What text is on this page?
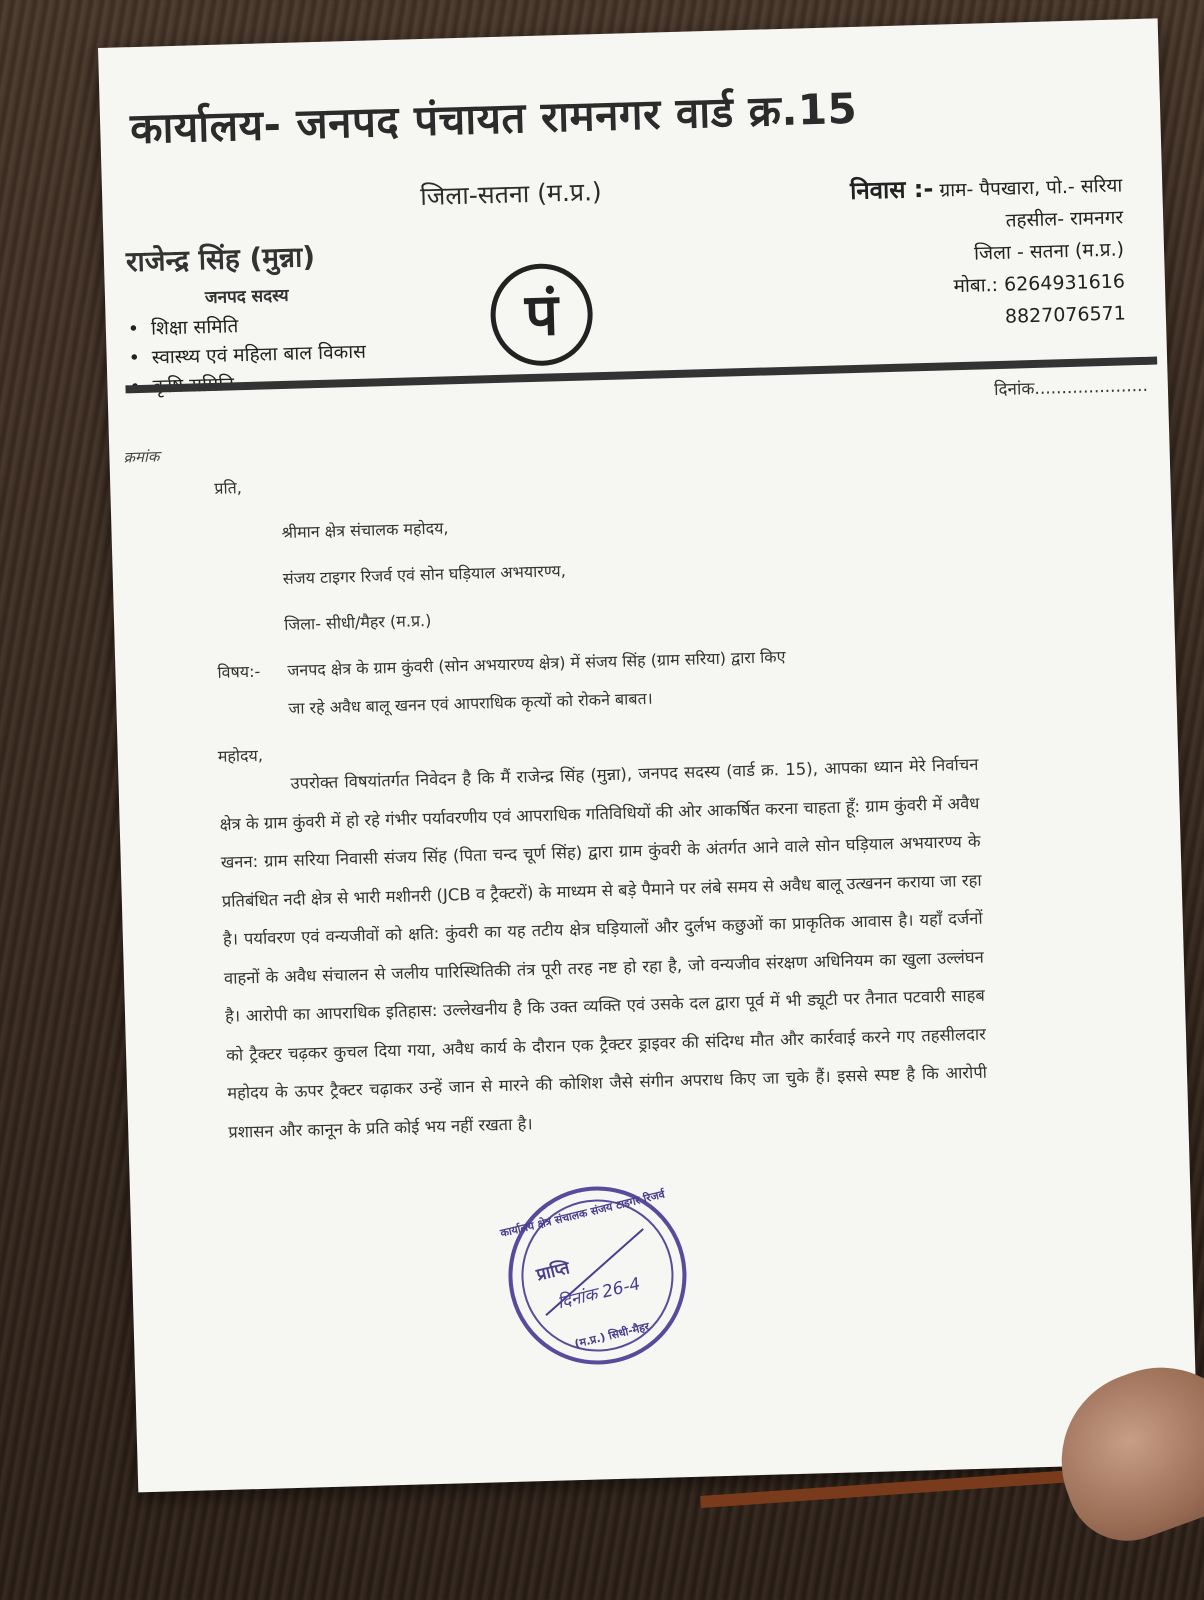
कार्यालय- जनपद पंचायत रामनगर वार्ड क्र.15
जिला-सतना (म.प्र.)
राजेन्द्र सिंह (मुन्ना)
जनपद सदस्य
• शिक्षा समिति
• स्वास्थ्य एवं महिला बाल विकास
•
पं
निवास :- ग्राम- पैपखारा, पो.- सरिया
तहसील- रामनगर
जिला - सतना (म.प्र.)
मोबा.: 6264931616
8827076571
दिनांक.....................
क्रमांक
प्रति,
श्रीमान क्षेत्र संचालक महोदय,
संजय टाइगर रिजर्व एवं सोन घड़ियाल अभयारण्य,
जिला- सीधी/मैहर (म.प्र.)
विषय:- जनपद क्षेत्र के ग्राम कुंवरी (सोन अभयारण्य क्षेत्र) में संजय सिंह (ग्राम सरिया) द्वारा किए
जा रहे अवैध बालू खनन एवं आपराधिक कृत्यों को रोकने बाबत।
महोदय,	उपरोक्त विषयांतर्गत निवेदन है कि मैं राजेन्द्र सिंह (मुन्ना), जनपद सदस्य (वार्ड क्र. 15), आपका ध्यान मेरे निर्वाचन क्षेत्र के ग्राम कुंवरी में हो रहे गंभीर पर्यावरणीय एवं आपराधिक गतिविधियों की ओर आकर्षित करना चाहता हूँ: ग्राम कुंवरी में अवैध खनन: ग्राम सरिया निवासी संजय सिंह (पिता चन्द चूर्ण सिंह) द्वारा ग्राम कुंवरी के अंतर्गत आने वाले सोन घड़ियाल अभयारण्य के प्रतिबंधित नदी क्षेत्र से भारी मशीनरी (JCB व ट्रैक्टरों) के माध्यम से बड़े पैमाने पर लंबे समय से अवैध बालू उत्खनन कराया जा रहा है। पर्यावरण एवं वन्यजीवों को क्षति: कुंवरी का यह तटीय क्षेत्र घड़ियालों और दुर्लभ कछुओं का प्राकृतिक आवास है। यहाँ दर्जनों वाहनों के अवैध संचालन से जलीय पारिस्थितिकी तंत्र पूरी तरह नष्ट हो रहा है, जो वन्यजीव संरक्षण अधिनियम का खुला उल्लंघन है। आरोपी का आपराधिक इतिहास: उल्लेखनीय है कि उक्त व्यक्ति एवं उसके दल द्वारा पूर्व में भी ड्यूटी पर तैनात पटवारी साहब को ट्रैक्टर चढ़कर कुचल दिया गया, अवैध कार्य के दौरान एक ट्रैक्टर ड्राइवर की संदिग्ध मौत और कार्रवाई करने गए तहसीलदार महोदय के ऊपर ट्रैक्टर चढ़ाकर उन्हें जान से मारने की कोशिश जैसे संगीन अपराध किए जा चुके हैं। इससे स्पष्ट है कि आरोपी प्रशासन और कानून के प्रति कोई भय नहीं रखता है।
कार्यालय क्षेत्र संचालक संजय टाइगर रिजर्व
प्राप्ति
दिनांक 26-4
(म.प्र.) सिधी-मैहर
